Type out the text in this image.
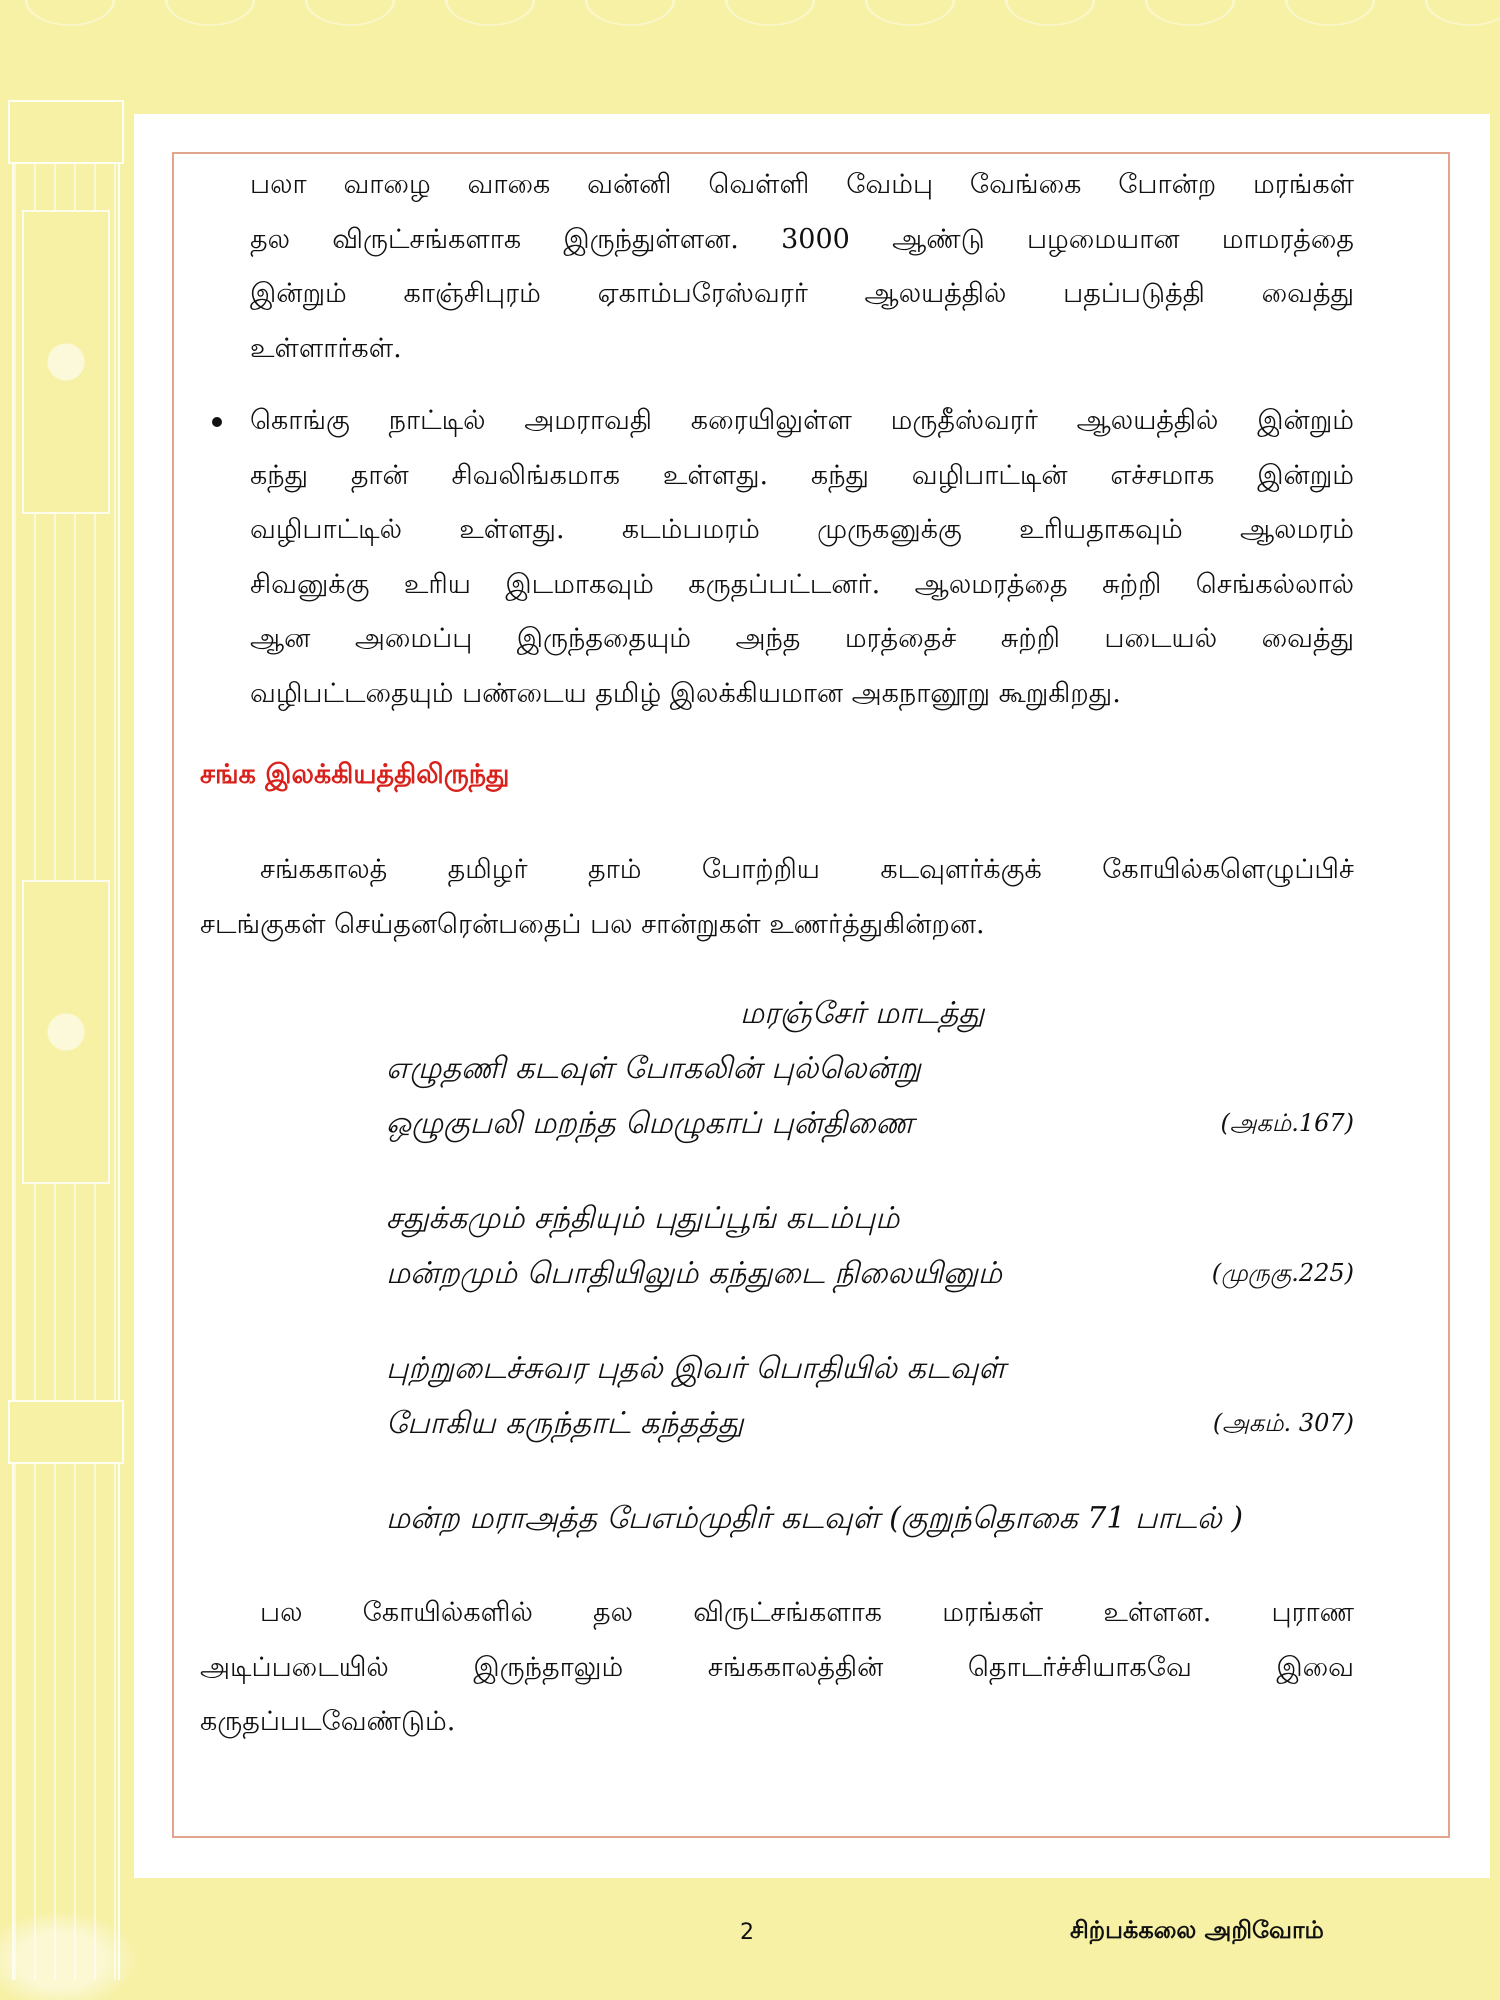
பலா வாழை வாகை வன்னி வெள்ளி வேம்பு வேங்கை போன்ற மரங்கள்
தல விருட்சங்களாக இருந்துள்ளன. 3000 ஆண்டு பழமையான மாமரத்தை
இன்றும் காஞ்சிபுரம் ஏகாம்பரேஸ்வரர் ஆலயத்தில் பதப்படுத்தி வைத்து
உள்ளார்கள்.
கொங்கு நாட்டில் அமராவதி கரையிலுள்ள மருதீஸ்வரர் ஆலயத்தில் இன்றும்
கந்து தான் சிவலிங்கமாக உள்ளது. கந்து வழிபாட்டின் எச்சமாக இன்றும்
வழிபாட்டில் உள்ளது. கடம்பமரம் முருகனுக்கு உரியதாகவும் ஆலமரம்
சிவனுக்கு உரிய இடமாகவும் கருதப்பட்டனர். ஆலமரத்தை சுற்றி செங்கல்லால்
ஆன அமைப்பு இருந்ததையும் அந்த மரத்தைச் சுற்றி படையல் வைத்து
வழிபட்டதையும் பண்டைய தமிழ் இலக்கியமான அகநானூறு கூறுகிறது.
சங்க இலக்கியத்திலிருந்து
சங்ககாலத் தமிழர் தாம் போற்றிய கடவுளர்க்குக் கோயில்களெழுப்பிச்
சடங்குகள் செய்தனரென்பதைப் பல சான்றுகள் உணர்த்துகின்றன.
மரஞ்சேர் மாடத்து
எழுதணி கடவுள் போகலின் புல்லென்று
ஒழுகுபலி மறந்த மெழுகாப் புன்திணை	(அகம்.167)
சதுக்கமும் சந்தியும் புதுப்பூங் கடம்பும்
மன்றமும் பொதியிலும் கந்துடை நிலையினும்	(முருகு.225)
புற்றுடைச்சுவர புதல் இவர் பொதியில் கடவுள்
போகிய கருந்தாட் கந்தத்து	(அகம். 307)
மன்ற மராஅத்த பேஎம்முதிர் கடவுள் (குறுந்தொகை 71 பாடல் )
பல கோயில்களில் தல விருட்சங்களாக மரங்கள் உள்ளன. புராண
அடிப்படையில் இருந்தாலும் சங்ககாலத்தின் தொடர்ச்சியாகவே இவை
கருதப்படவேண்டும்.
2	சிற்பக்கலை அறிவோம்
